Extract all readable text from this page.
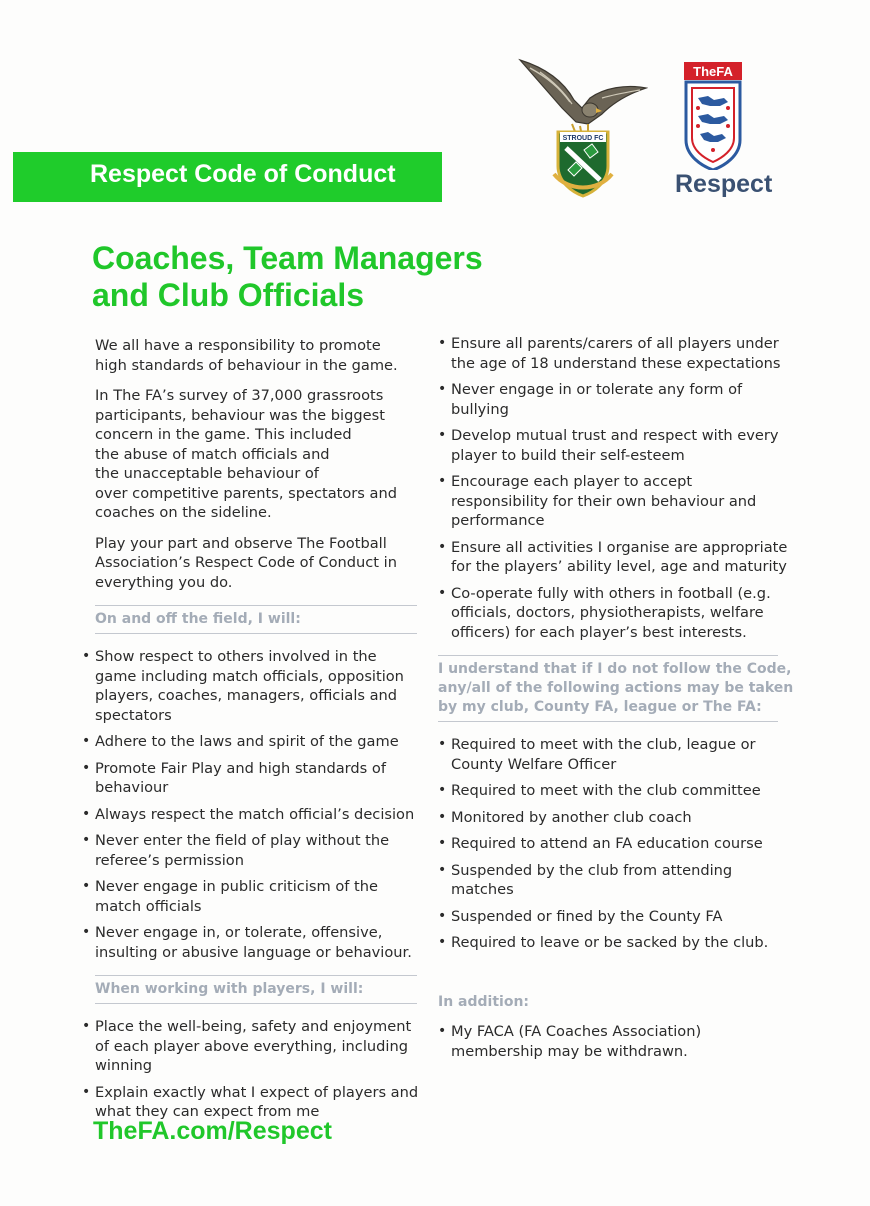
Respect Code of Conduct
STROUD FC
TheFA
Respect
Coaches, Team Managers
and Club Officials

We all have a responsibility to promote
high standards of behaviour in the game.

In The FA’s survey of 37,000 grassroots
participants, behaviour was the biggest
concern in the game. This included
the abuse of match officials and
the unacceptable behaviour of
over competitive parents, spectators and
coaches on the sideline.

Play your part and observe The Football
Association’s Respect Code of Conduct in
everything you do.

On and off the field, I will:
• Show respect to others involved in the
game including match officials, opposition
players, coaches, managers, officials and
spectators
• Adhere to the laws and spirit of the game
• Promote Fair Play and high standards of
behaviour
• Always respect the match official’s decision
• Never enter the field of play without the
referee’s permission
• Never engage in public criticism of the
match officials
• Never engage in, or tolerate, offensive,
insulting or abusive language or behaviour.
When working with players, I will:
• Place the well-being, safety and enjoyment
of each player above everything, including
winning
• Explain exactly what I expect of players and
what they can expect from me
• Ensure all parents/carers of all players under
the age of 18 understand these expectations
• Never engage in or tolerate any form of
bullying
• Develop mutual trust and respect with every
player to build their self-esteem
• Encourage each player to accept
responsibility for their own behaviour and
performance
• Ensure all activities I organise are appropriate
for the players’ ability level, age and maturity
• Co-operate fully with others in football (e.g.
officials, doctors, physiotherapists, welfare
officers) for each player’s best interests.
I understand that if I do not follow the Code,
any/all of the following actions may be taken
by my club, County FA, league or The FA:
• Required to meet with the club, league or
County Welfare Officer
• Required to meet with the club committee
• Monitored by another club coach
• Required to attend an FA education course
• Suspended by the club from attending
matches
• Suspended or fined by the County FA
• Required to leave or be sacked by the club.
In addition:
• My FACA (FA Coaches Association)
membership may be withdrawn.
TheFA.com/Respect
